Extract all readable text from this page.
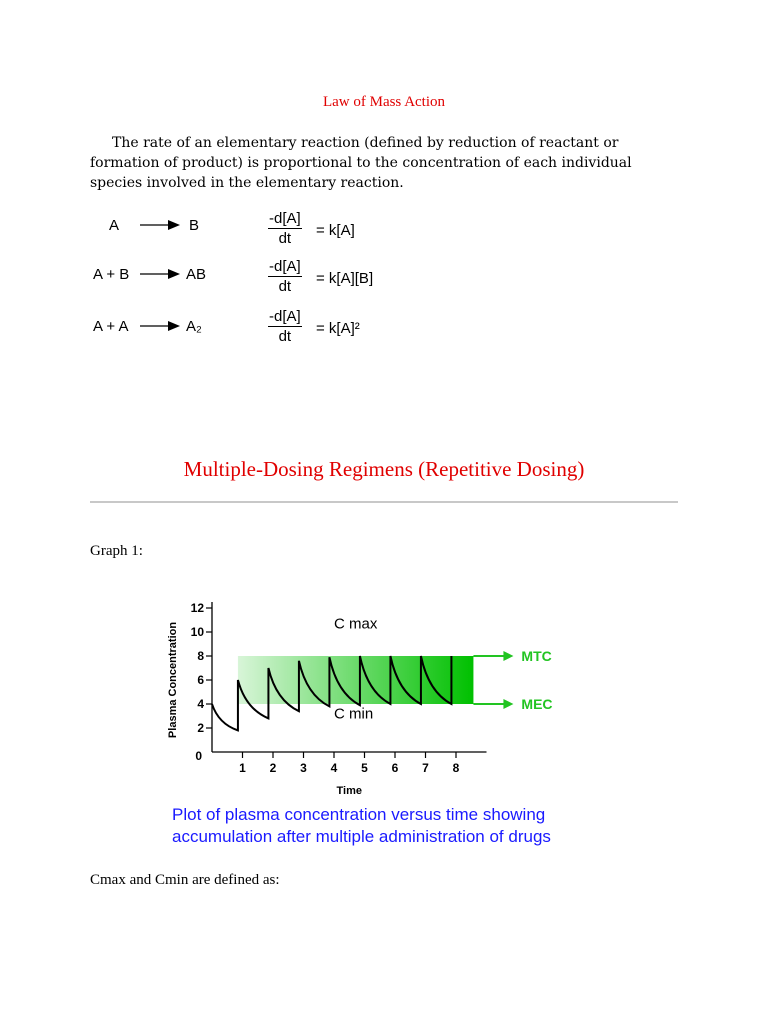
Law of Mass Action

The rate of an elementary reaction (defined by reduction of reactant or formation of product) is proportional to the concentration of each individual species involved in the elementary reaction.

A → B	$\frac{-d[A]}{dt} = k[A]$
A + B → AB	$\frac{-d[A]}{dt} = k[A][B]$
A + A → A₂	$\frac{-d[A]}{dt} = k[A]^2$
Multiple-Dosing Regimens (Repetitive Dosing)
Graph 1:
2
4
6
8
10
12
1 2 3 4 5 6 7 8
0
C max
C min
MTC
MEC
Plasma Concentration
Time
Plot of plasma concentration versus time showing accumulation after multiple administration of drugs
Cmax and Cmin are defined as:
